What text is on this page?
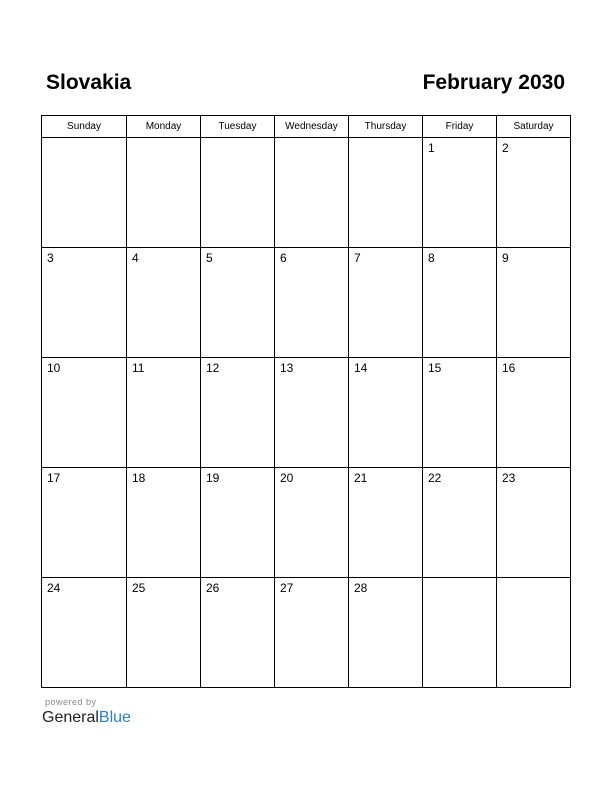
Slovakia	February 2030
Sunday	Monday	Tuesday	Wednesday	Thursday	Friday	Saturday

					1	2

3	4	5	6	7	8	9

10	11	12	13	14	15	16

17	18	19	20	21	22	23

24	25	26	27	28		

powered by
GeneralBlue
